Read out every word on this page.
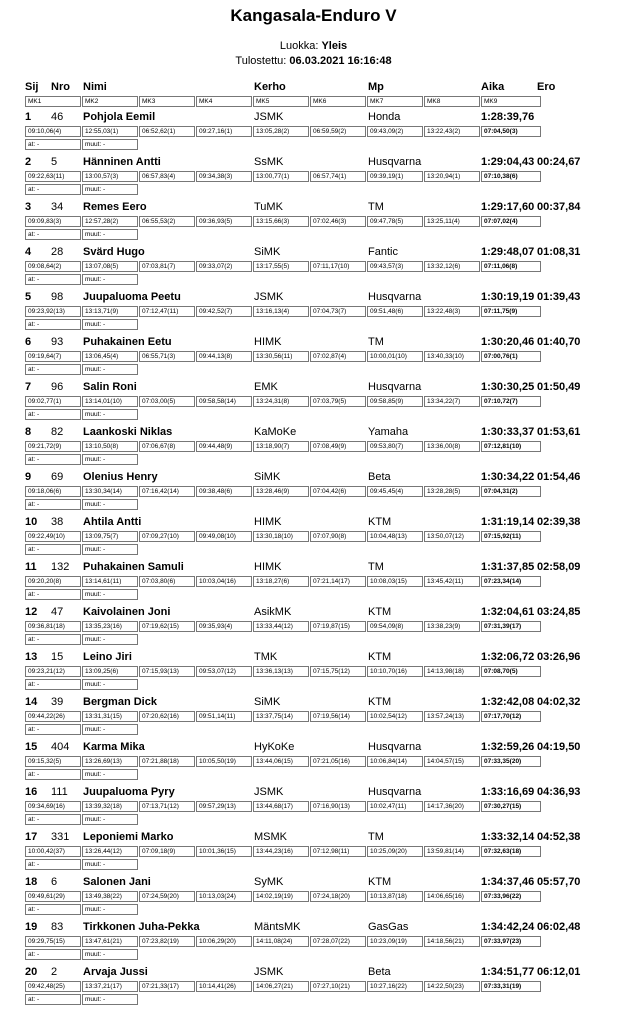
Kangasala-Enduro V
Luokka: Yleis
Tulostettu: 06.03.2021 16:16:48
Sij Nro Nimi	Kerho	Mp	Aika	Ero
MK1	MK2	MK3	MK4	MK5	MK6	MK7	MK8	MK9
1 46 Pohjola Eemil	JSMK	Honda	1:28:39,76
09:10,06(4)	12:55,03(1)	06:52,62(1)	09:27,16(1)	13:05,28(2)	06:59,59(2)	09:43,09(2)	13:22,43(2)	07:04,50(3)
at: -	muut: -
2 5 Hänninen Antti	SsMK	Husqvarna	1:29:04,43 00:24,67
09:22,63(11)	13:00,57(3)	06:57,83(4)	09:34,38(3)	13:00,77(1)	06:57,74(1)	09:39,19(1)	13:20,94(1)	07:10,38(6)
at: -	muut: -
3 34 Remes Eero	TuMK	TM	1:29:17,60 00:37,84
09:09,83(3)	12:57,28(2)	06:55,53(2)	09:36,93(5)	13:15,66(3)	07:02,46(3)	09:47,78(5)	13:25,11(4)	07:07,02(4)
at: -	muut: -
4 28 Svärd Hugo	SiMK	Fantic	1:29:48,07 01:08,31
09:08,64(2)	13:07,08(5)	07:03,81(7)	09:33,07(2)	13:17,55(5)	07:11,17(10)	09:43,57(3)	13:32,12(6)	07:11,06(8)
at: -	muut: -
5 98 Juupaluoma Peetu	JSMK	Husqvarna	1:30:19,19 01:39,43
09:23,92(13)	13:13,71(9)	07:12,47(11)	09:42,52(7)	13:16,13(4)	07:04,73(7)	09:51,48(6)	13:22,48(3)	07:11,75(9)
at: -	muut: -
6 93 Puhakainen Eetu	HIMK	TM	1:30:20,46 01:40,70
09:19,64(7)	13:06,45(4)	06:55,71(3)	09:44,13(8)	13:30,56(11)	07:02,87(4)	10:00,01(10)	13:40,33(10)	07:00,76(1)
at: -	muut: -
7 96 Salin Roni	EMK	Husqvarna	1:30:30,25 01:50,49
09:02,77(1)	13:14,01(10)	07:03,00(5)	09:58,58(14)	13:24,31(8)	07:03,79(5)	09:58,85(9)	13:34,22(7)	07:10,72(7)
at: -	muut: -
8 82 Laankoski Niklas	KaMoKe	Yamaha	1:30:33,37 01:53,61
09:21,72(9)	13:10,50(8)	07:06,67(8)	09:44,48(9)	13:18,90(7)	07:08,49(9)	09:53,80(7)	13:36,00(8)	07:12,81(10)
at: -	muut: -
9 69 Olenius Henry	SiMK	Beta	1:30:34,22 01:54,46
09:18,06(6)	13:30,34(14)	07:16,42(14)	09:38,48(6)	13:28,46(9)	07:04,42(6)	09:45,45(4)	13:28,28(5)	07:04,31(2)
at: -	muut: -
10 38 Ahtila Antti	HIMK	KTM	1:31:19,14 02:39,38
09:22,49(10)	13:09,75(7)	07:09,27(10)	09:49,08(10)	13:30,18(10)	07:07,90(8)	10:04,48(13)	13:50,07(12)	07:15,92(11)
at: -	muut: -
11 132 Puhakainen Samuli	HIMK	TM	1:31:37,85 02:58,09
09:20,20(8)	13:14,61(11)	07:03,80(6)	10:03,04(16)	13:18,27(6)	07:21,14(17)	10:08,03(15)	13:45,42(11)	07:23,34(14)
at: -	muut: -
12 47 Kaivolainen Joni	AsikMK	KTM	1:32:04,61 03:24,85
09:36,81(18)	13:35,23(16)	07:19,62(15)	09:35,93(4)	13:33,44(12)	07:19,87(15)	09:54,09(8)	13:38,23(9)	07:31,39(17)
at: -	muut: -
13 15 Leino Jiri	TMK	KTM	1:32:06,72 03:26,96
09:23,21(12)	13:09,25(6)	07:15,93(13)	09:53,07(12)	13:36,13(13)	07:15,75(12)	10:10,70(16)	14:13,98(18)	07:08,70(5)
at: -	muut: -
14 39 Bergman Dick	SiMK	KTM	1:32:42,08 04:02,32
09:44,22(26)	13:31,31(15)	07:20,62(16)	09:51,14(11)	13:37,75(14)	07:19,56(14)	10:02,54(12)	13:57,24(13)	07:17,70(12)
at: -	muut: -
15 404 Karma Mika	HyKoKe	Husqvarna	1:32:59,26 04:19,50
09:15,32(5)	13:26,69(13)	07:21,88(18)	10:05,50(19)	13:44,06(15)	07:21,05(16)	10:06,84(14)	14:04,57(15)	07:33,35(20)
at: -	muut: -
16 111 Juupaluoma Pyry	JSMK	Husqvarna	1:33:16,69 04:36,93
09:34,69(16)	13:39,32(18)	07:13,71(12)	09:57,29(13)	13:44,68(17)	07:16,90(13)	10:02,47(11)	14:17,36(20)	07:30,27(15)
at: -	muut: -
17 331 Leponiemi Marko	MSMK	TM	1:33:32,14 04:52,38
10:00,42(37)	13:26,44(12)	07:09,18(9)	10:01,36(15)	13:44,23(16)	07:12,98(11)	10:25,09(20)	13:59,81(14)	07:32,63(18)
at: -	muut: -
18 6 Salonen Jani	SyMK	KTM	1:34:37,46 05:57,70
09:49,61(29)	13:49,38(22)	07:24,59(20)	10:13,03(24)	14:02,19(19)	07:24,18(20)	10:13,87(18)	14:06,65(16)	07:33,96(22)
at: -	muut: -
19 83 Tirkkonen Juha-Pekka	MäntsMK	GasGas	1:34:42,24 06:02,48
09:29,75(15)	13:47,61(21)	07:23,82(19)	10:06,29(20)	14:11,08(24)	07:28,07(22)	10:23,09(19)	14:18,56(21)	07:33,97(23)
at: -	muut: -
20 2 Arvaja Jussi	JSMK	Beta	1:34:51,77 06:12,01
09:42,48(25)	13:37,21(17)	07:21,33(17)	10:14,41(26)	14:06,27(21)	07:27,10(21)	10:27,16(22)	14:22,50(23)	07:33,31(19)
at: -	muut: -
